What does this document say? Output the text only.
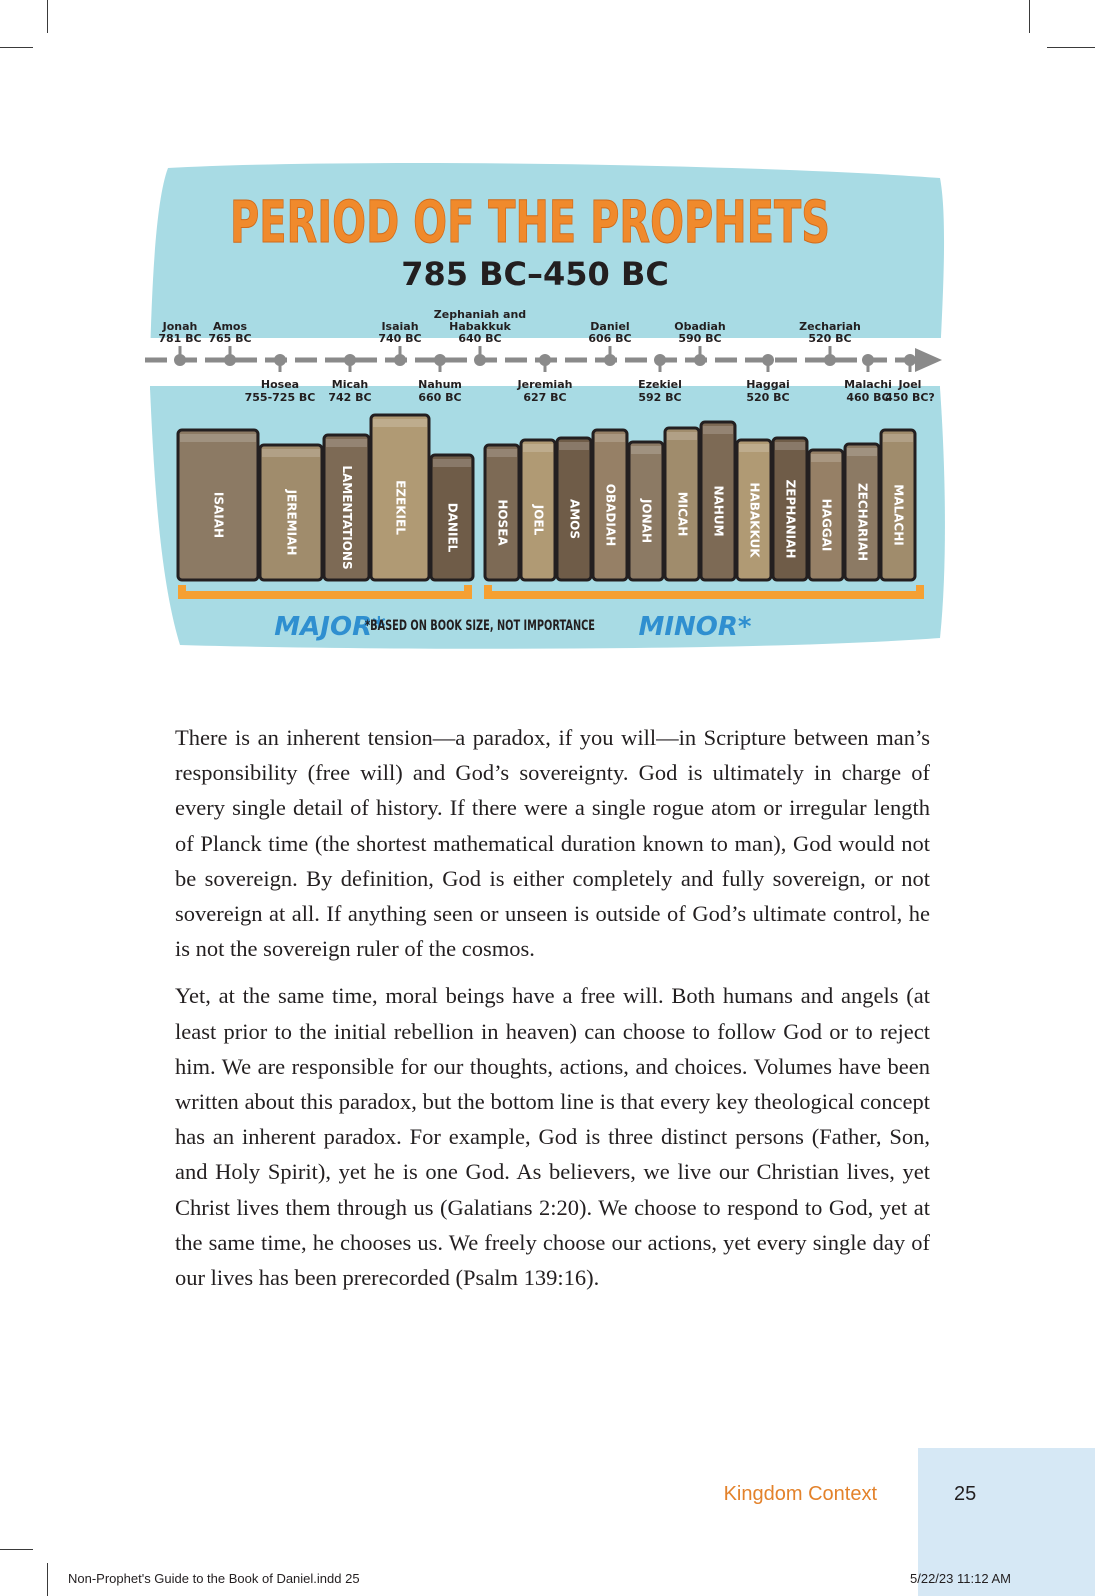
PERIOD OF THE PROPHETS
785 BC–450 BC
Jonah
781 BC
Amos
765 BC
Isaiah
740 BC
Zephaniah and
Habakkuk
640 BC
Daniel
606 BC
Obadiah
590 BC
Zechariah
520 BC
Hosea
755-725 BC
Micah
742 BC
Nahum
660 BC
Jeremiah
627 BC
Ezekiel
592 BC
Haggai
520 BC
Malachi
460 BC
Joel
450 BC?
ISAIAH	JEREMIAH	LAMENTATIONS	EZEKIEL	DANIEL	HOSEA JOEL AMOS OBADIAH JONAH MICAH NAHUM HABAKKUK ZEPHANIAH HAGGAI ZECHARIAH MALACHI
MAJOR*
*BASED ON BOOK SIZE, NOT IMPORTANCE MINOR*

There is an inherent tension—a paradox, if you will—in Scripture between man’s responsibility (free will) and God’s sovereignty. God is ultimately in charge of every single detail of history. If there were a single rogue atom or irregular length of Planck time (the shortest mathematical duration known to man), God would not be sovereign. By definition, God is either completely and fully sovereign, or not sovereign at all. If anything seen or unseen is outside of God’s ultimate control, he is not the sovereign ruler of the cosmos.

Yet, at the same time, moral beings have a free will. Both humans and angels (at least prior to the initial rebellion in heaven) can choose to follow God or to reject him. We are responsible for our thoughts, actions, and choices. Volumes have been written about this paradox, but the bottom line is that every key theological concept has an inherent paradox. For example, God is three distinct persons (Father, Son, and Holy Spirit), yet he is one God. As believers, we live our Christian lives, yet Christ lives them through us (Galatians 2:20). We choose to respond to God, yet at the same time, he chooses us. We freely choose our actions, yet every single day of our lives has been prerecorded (Psalm 139:16).

Kingdom Context	25
Non-Prophet's Guide to the Book of Daniel.indd 25	5/22/23 11:12 AM
